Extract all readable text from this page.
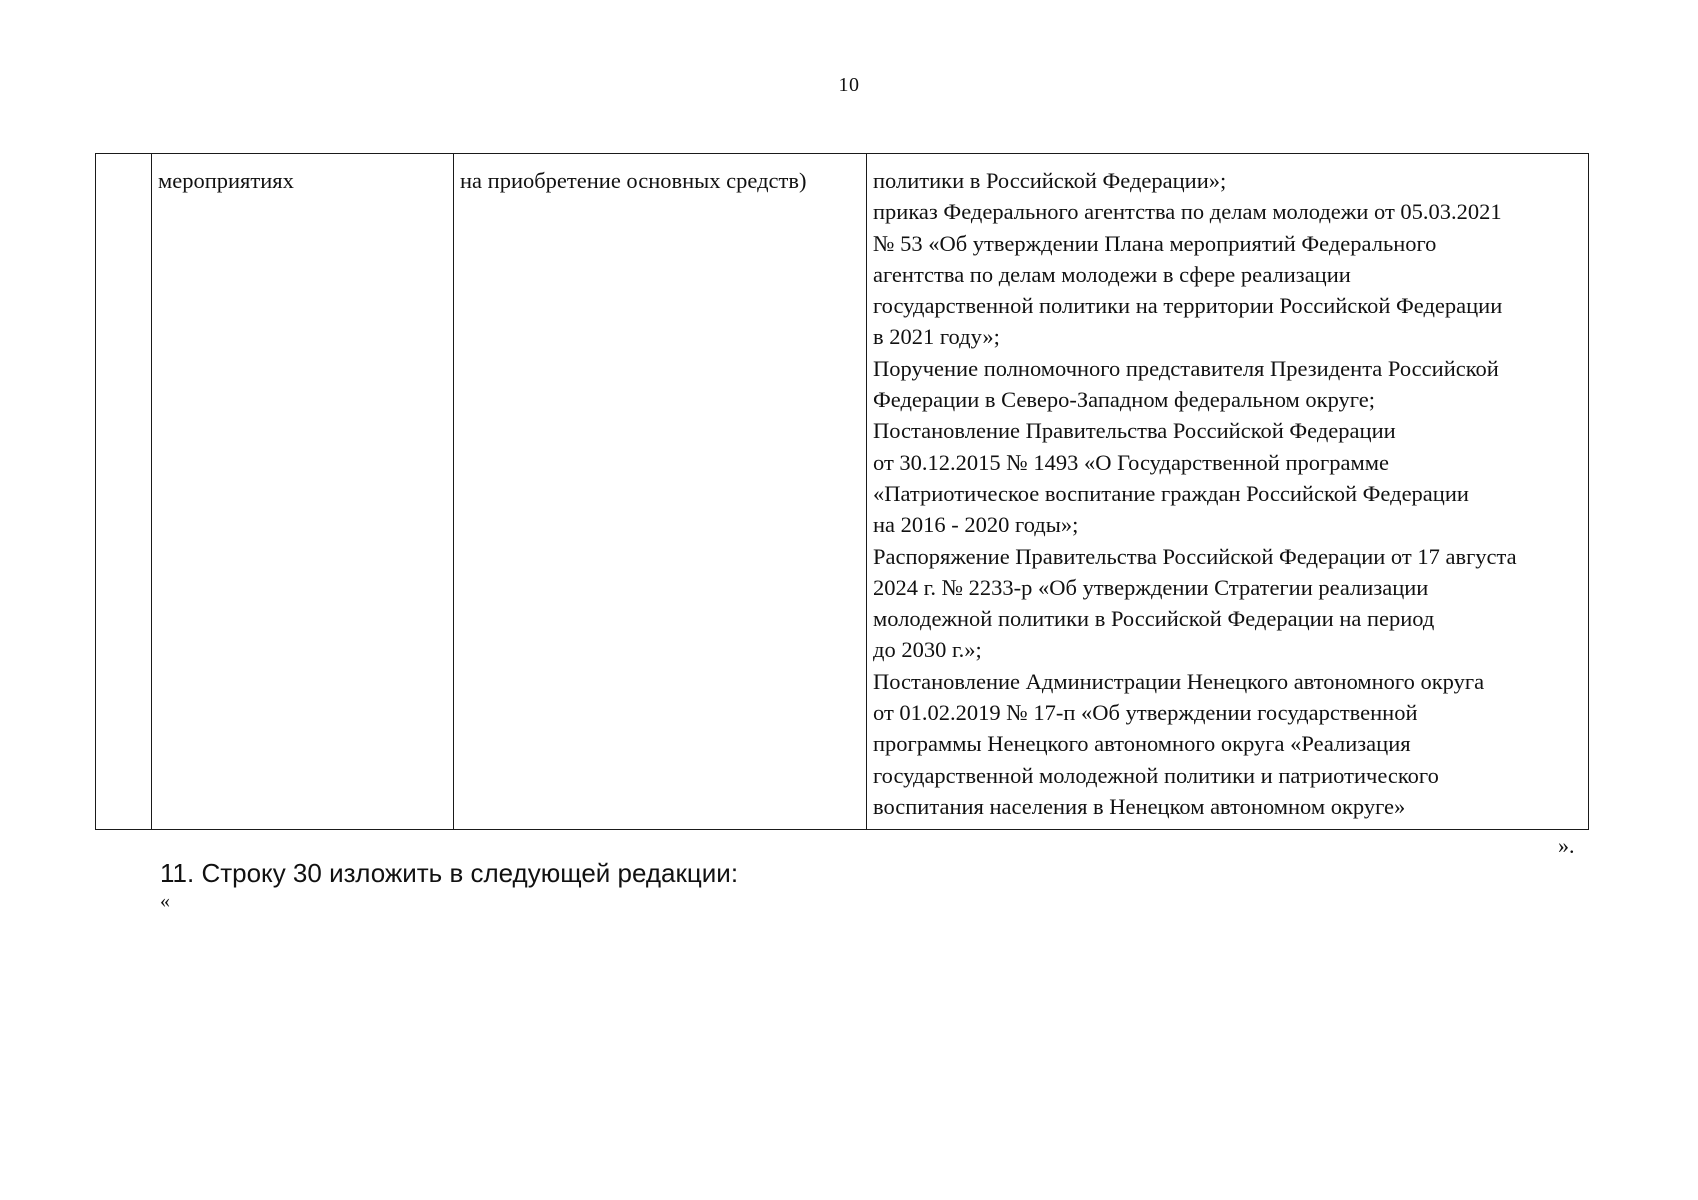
10
	мероприятиях	на приобретение основных средств)	политики в Российской Федерации»;
приказ Федерального агентства по делам молодежи от 05.03.2021
№ 53 «Об утверждении Плана мероприятий Федерального
агентства по делам молодежи в сфере реализации
государственной политики на территории Российской Федерации
в 2021 году»;
Поручение полномочного представителя Президента Российской
Федерации в Северо-Западном федеральном округе;
Постановление Правительства Российской Федерации
от 30.12.2015 № 1493 «О Государственной программе
«Патриотическое воспитание граждан Российской Федерации
на 2016 - 2020 годы»;
Распоряжение Правительства Российской Федерации от 17 августа
2024 г. № 2233-р «Об утверждении Стратегии реализации
молодежной политики в Российской Федерации на период
до 2030 г.»;
Постановление Администрации Ненецкого автономного округа
от 01.02.2019 № 17-п «Об утверждении государственной
программы Ненецкого автономного округа «Реализация
государственной молодежной политики и патриотического
воспитания населения в Ненецком автономном округе»
».
11. Строку 30 изложить в следующей редакции:
«
